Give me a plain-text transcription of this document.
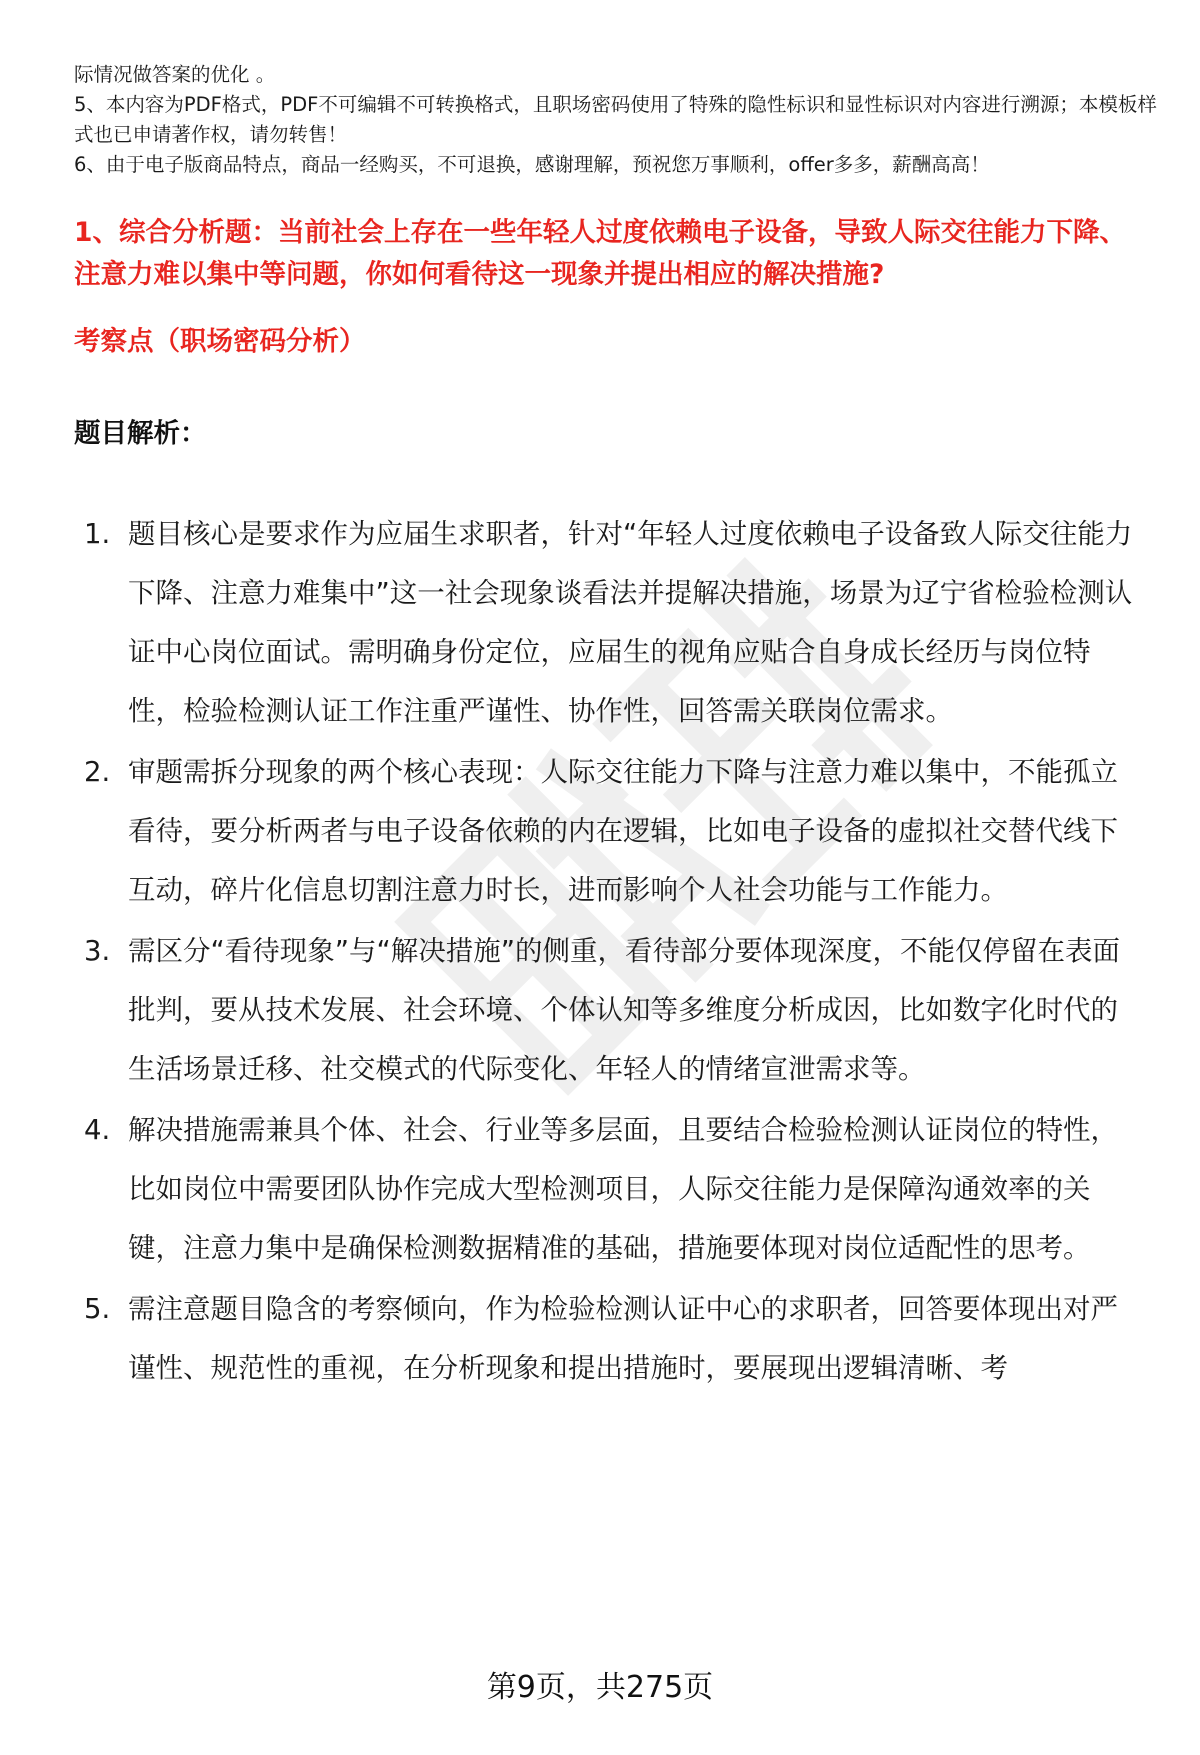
际情况做答案的优化 。

5、本内容为PDF格式，PDF不可编辑不可转换格式，且职场密码使用了特殊的隐性标识和显性标识对内容进行溯源；本模板样式也已申请著作权，请勿转售！

6、由于电子版商品特点，商品一经购买，不可退换，感谢理解，预祝您万事顺利，offer多多，薪酬高高！

1、综合分析题：当前社会上存在一些年轻人过度依赖电子设备，导致人际交往能力下降、注意力难以集中等问题，你如何看待这一现象并提出相应的解决措施?
考察点（职场密码分析）
题目解析：
1. 题目核心是要求作为应届生求职者，针对“年轻人过度依赖电子设备致人际交往能力下降、注意力难集中”这一社会现象谈看法并提解决措施，场景为辽宁省检验检测认证中心岗位面试。需明确身份定位，应届生的视角应贴合自身成长经历与岗位特性，检验检测认证工作注重严谨性、协作性，回答需关联岗位需求。
2. 审题需拆分现象的两个核心表现：人际交往能力下降与注意力难以集中，不能孤立看待，要分析两者与电子设备依赖的内在逻辑，比如电子设备的虚拟社交替代线下互动，碎片化信息切割注意力时长，进而影响个人社会功能与工作能力。
3. 需区分“看待现象”与“解决措施”的侧重，看待部分要体现深度，不能仅停留在表面批判，要从技术发展、社会环境、个体认知等多维度分析成因，比如数字化时代的生活场景迁移、社交模式的代际变化、年轻人的情绪宣泄需求等。
4. 解决措施需兼具个体、社会、行业等多层面，且要结合检验检测认证岗位的特性，比如岗位中需要团队协作完成大型检测项目，人际交往能力是保障沟通效率的关键，注意力集中是确保检测数据精准的基础，措施要体现对岗位适配性的思考。
5. 需注意题目隐含的考察倾向，作为检验检测认证中心的求职者，回答要体现出对严谨性、规范性的重视，在分析现象和提出措施时，要展现出逻辑清晰、考
第9页，共275页
